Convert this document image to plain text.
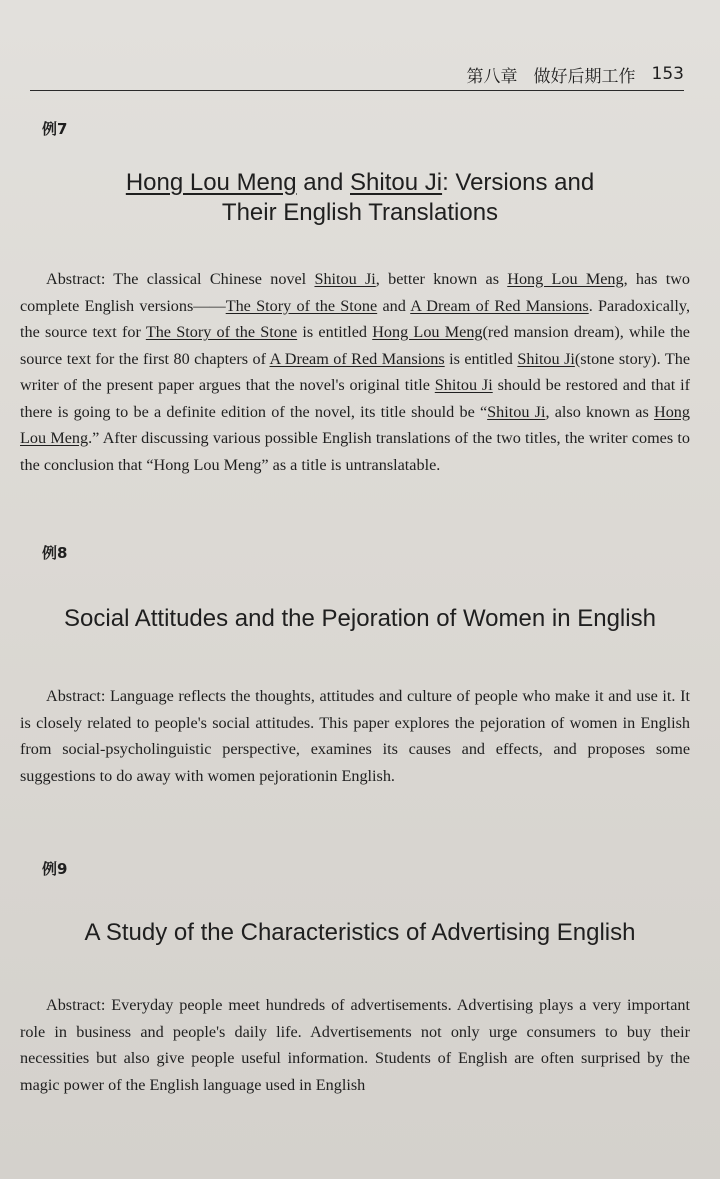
第八章 做好后期工作 153
例7
Hong Lou Meng and Shitou Ji: Versions and
Their English Translations
Abstract: The classical Chinese novel Shitou Ji, better known as Hong Lou Meng, has two complete English versions——The Story of the Stone and A Dream of Red Mansions. Paradoxically, the source text for The Story of the Stone is entitled Hong Lou Meng(red mansion dream), while the source text for the first 80 chapters of A Dream of Red Mansions is entitled Shitou Ji(stone story). The writer of the present paper argues that the novel's original title Shitou Ji should be restored and that if there is going to be a definite edition of the novel, its title should be “Shitou Ji, also known as Hong Lou Meng.” After discussing various possible English translations of the two titles, the writer comes to the conclusion that “Hong Lou Meng” as a title is untranslatable.
例8
Social Attitudes and the Pejoration of Women in English
Abstract: Language reflects the thoughts, attitudes and culture of people who make it and use it. It is closely related to people's social attitudes. This paper explores the pejoration of women in English from social-psycholinguistic perspective, examines its causes and effects, and proposes some suggestions to do away with women pejorationin English.
例9
A Study of the Characteristics of Advertising English
Abstract: Everyday people meet hundreds of advertisements. Advertising plays a very important role in business and people's daily life. Advertisements not only urge consumers to buy their necessities but also give people useful information. Students of English are often surprised by the magic power of the English language used in English
